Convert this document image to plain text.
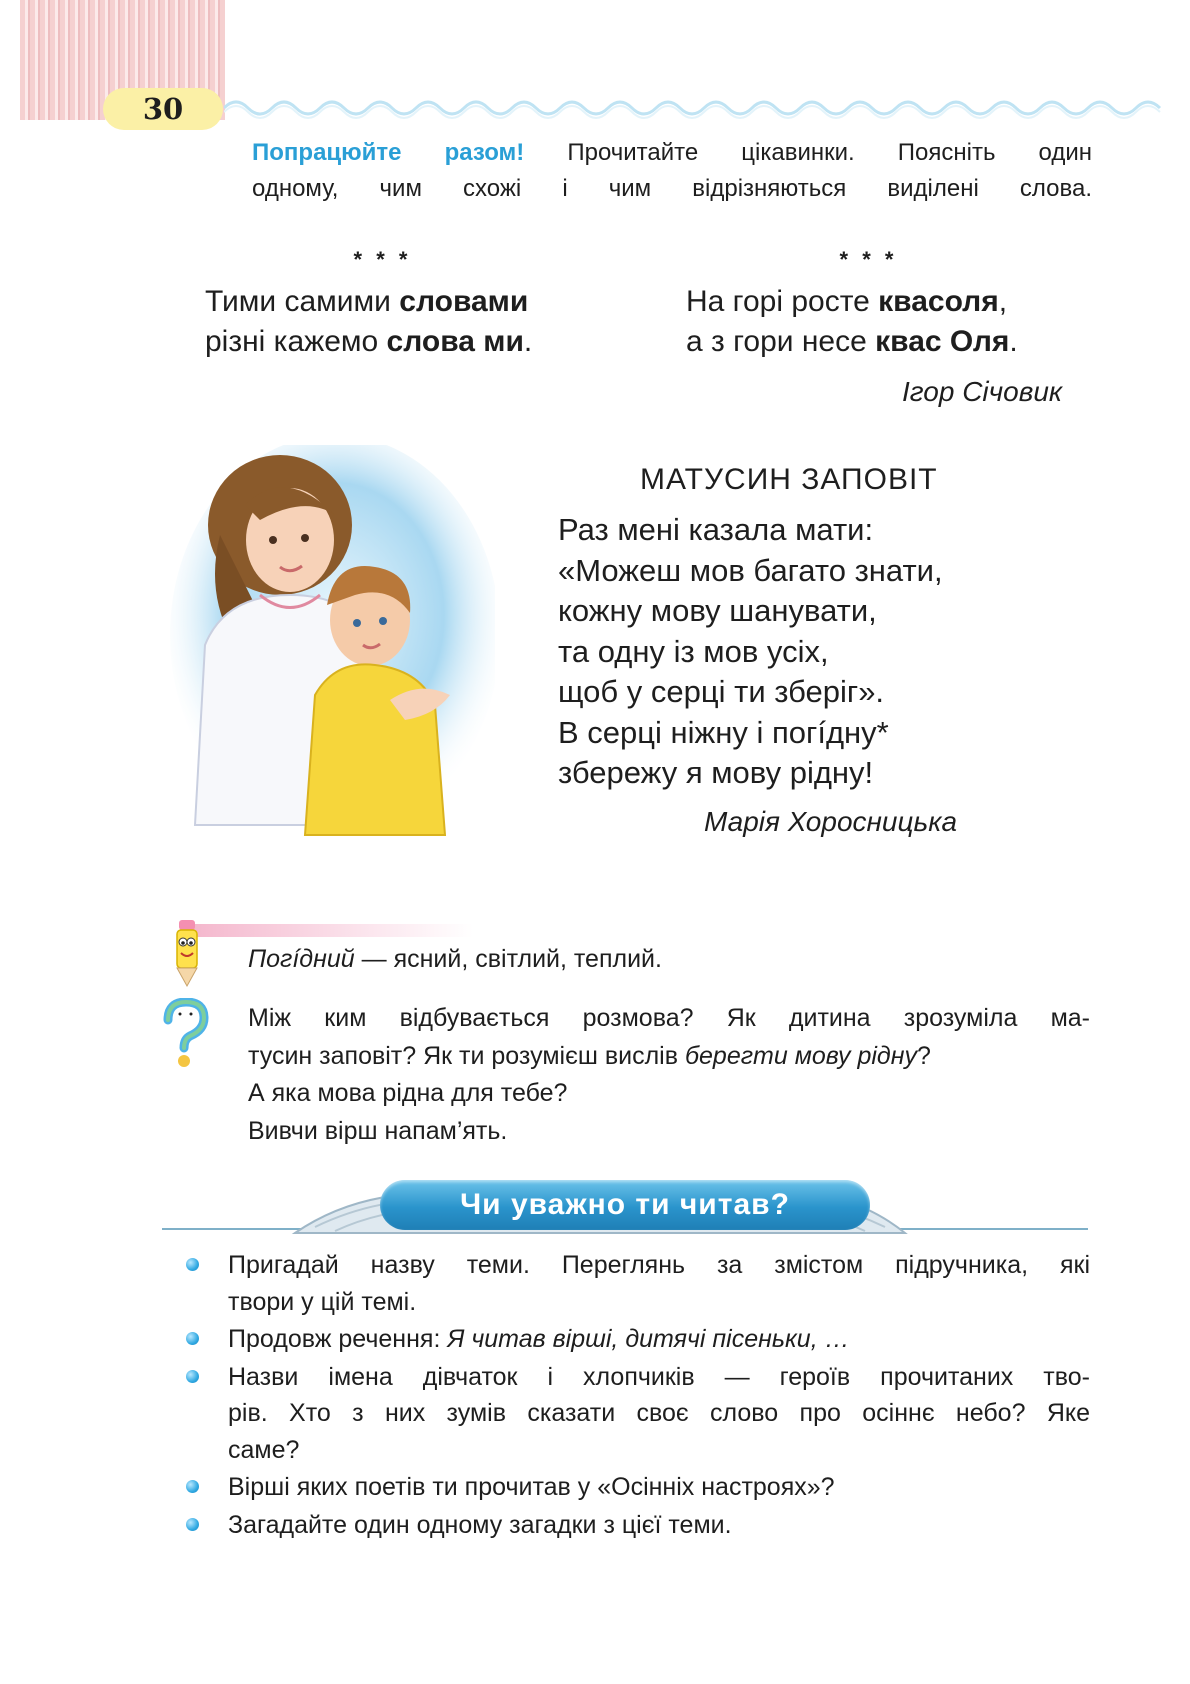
30
Попрацюйте разом! Прочитайте цікавинки. Поясніть один
одному, чим схожі і чим відрізняються виділені слова.
* * *
Тими самими словами
різні кажемо слова ми.
* * *
На горі росте квасоля,
а з гори несе квас Оля.
Ігор Січовик
МАТУСИН ЗАПОВІТ
Раз мені казала мати:
«Можеш мов багато знати,
кожну мову шанувати,
та одну із мов усіх,
щоб у серці ти зберіг».
В серці ніжну і погíдну*
збережу я мову рідну!
Марія Хоросницька
Погíдний — ясний, світлий, теплий.
Між ким відбувається розмова? Як дитина зрозуміла ма-
тусин заповіт? Як ти розумієш вислів берегти мову рідну?
А яка мова рідна для тебе?
Вивчи вірш напам’ять.
Чи уважно ти читав?
Пригадай назву теми. Переглянь за змістом підручника, які
твори у цій темі.
Продовж речення: Я читав вірші, дитячі пісеньки, …
Назви імена дівчаток і хлопчиків — героїв прочитаних тво-
рів. Хто з них зумів сказати своє слово про осіннє небо? Яке
саме?
Вірші яких поетів ти прочитав у «Осінніх настроях»?
Загадайте один одному загадки з цієї теми.
